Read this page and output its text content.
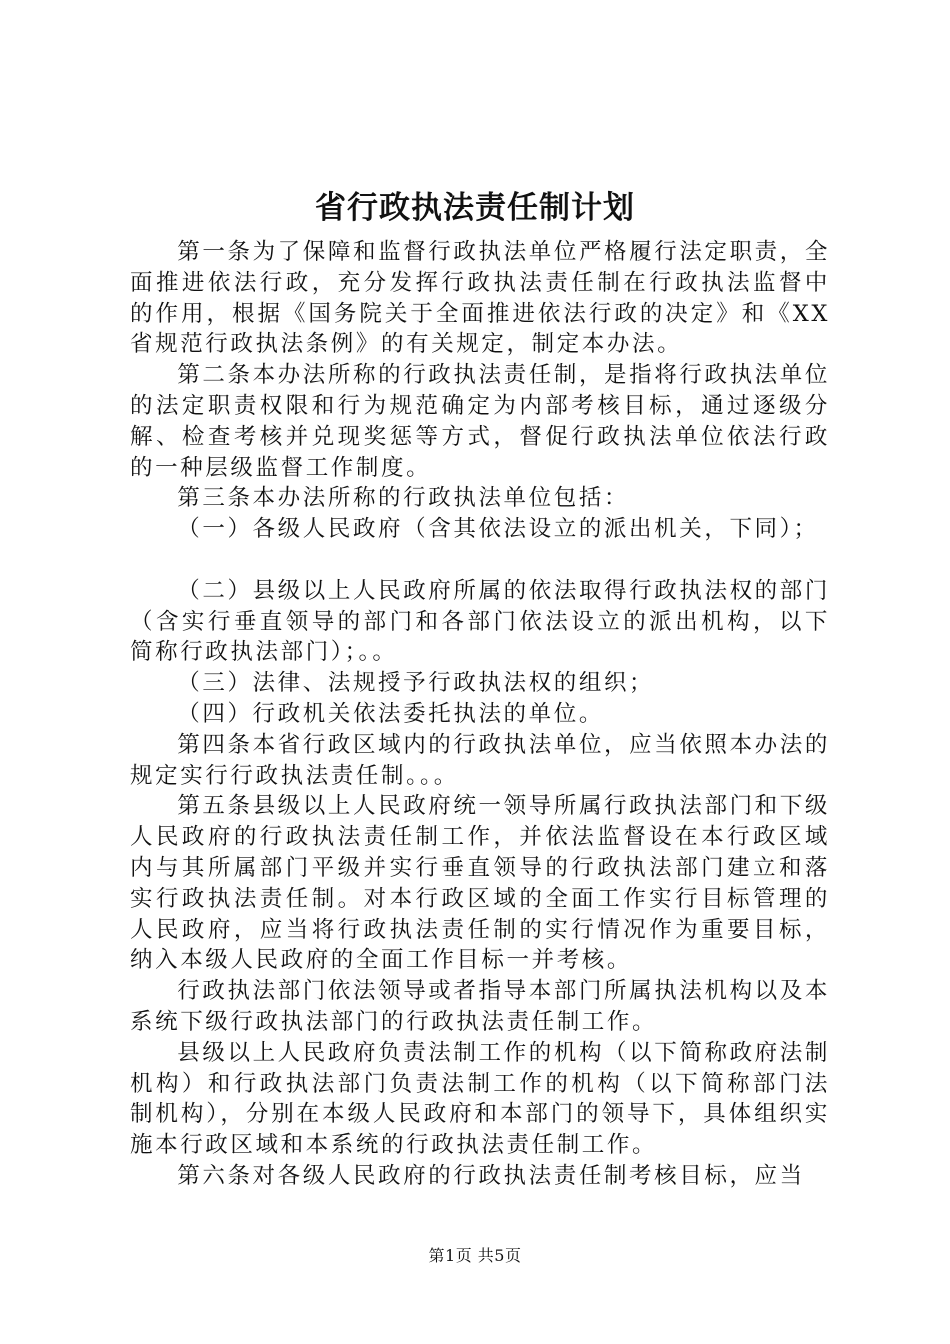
省行政执法责任制计划

第一条为了保障和监督行政执法单位严格履行法定职责，全面推进依法行政，充分发挥行政执法责任制在行政执法监督中的作用，根据《国务院关于全面推进依法行政的决定》和《XX省规范行政执法条例》的有关规定，制定本办法。

第二条本办法所称的行政执法责任制，是指将行政执法单位的法定职责权限和行为规范确定为内部考核目标，通过逐级分解、检查考核并兑现奖惩等方式，督促行政执法单位依法行政的一种层级监督工作制度。

第三条本办法所称的行政执法单位包括：

（一）各级人民政府（含其依法设立的派出机关，下同）；

（二）县级以上人民政府所属的依法取得行政执法权的部门（含实行垂直领导的部门和各部门依法设立的派出机构，以下简称行政执法部门）；。。

（三）法律、法规授予行政执法权的组织；

（四）行政机关依法委托执法的单位。

第四条本省行政区域内的行政执法单位，应当依照本办法的规定实行行政执法责任制。。。

第五条县级以上人民政府统一领导所属行政执法部门和下级人民政府的行政执法责任制工作，并依法监督设在本行政区域内与其所属部门平级并实行垂直领导的行政执法部门建立和落实行政执法责任制。对本行政区域的全面工作实行目标管理的人民政府，应当将行政执法责任制的实行情况作为重要目标，纳入本级人民政府的全面工作目标一并考核。

行政执法部门依法领导或者指导本部门所属执法机构以及本系统下级行政执法部门的行政执法责任制工作。

县级以上人民政府负责法制工作的机构（以下简称政府法制机构）和行政执法部门负责法制工作的机构（以下简称部门法制机构），分别在本级人民政府和本部门的领导下，具体组织实施本行政区域和本系统的行政执法责任制工作。

第六条对各级人民政府的行政执法责任制考核目标，应当

第1页 共5页
